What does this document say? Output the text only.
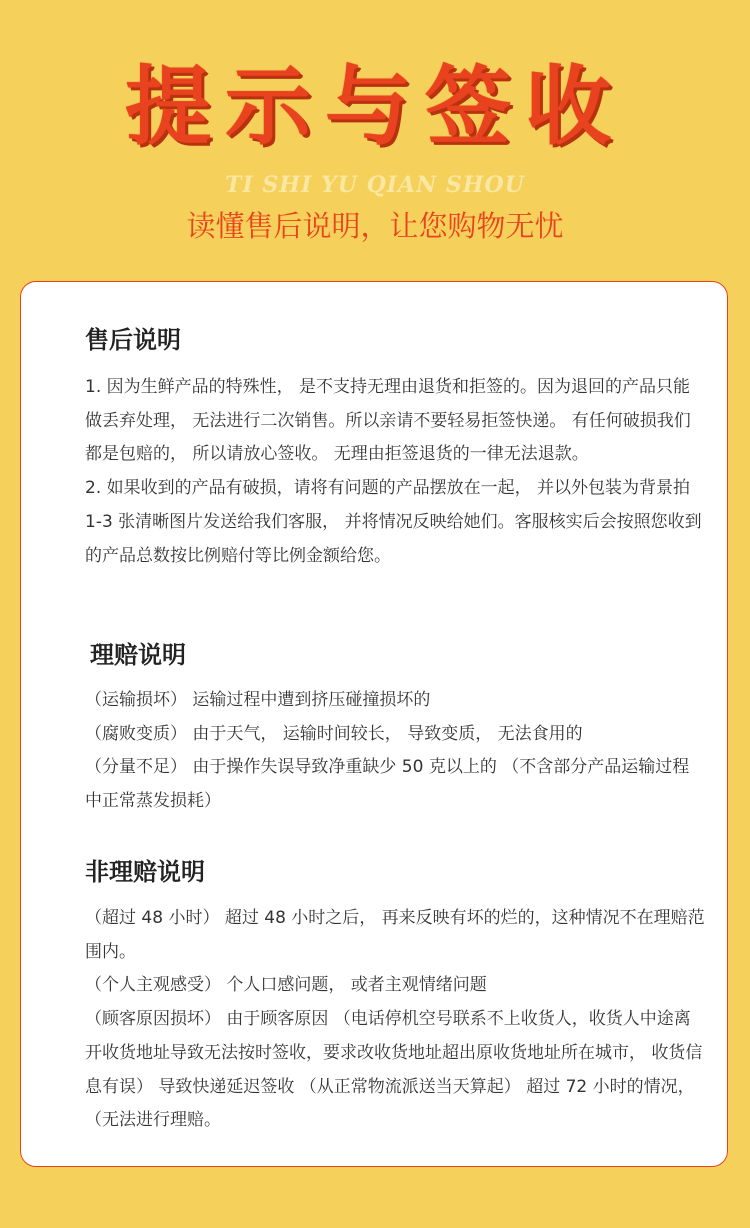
提示与签收
TI SHI YU QIAN SHOU
读懂售后说明，让您购物无忧
售后说明

1. 因为生鲜产品的特殊性， 是不支持无理由退货和拒签的。因为退回的产品只能做丢弃处理， 无法进行二次销售。所以亲请不要轻易拒签快递。 有任何破损我们都是包赔的， 所以请放心签收。 无理由拒签退货的一律无法退款。

2. 如果收到的产品有破损，请将有问题的产品摆放在一起， 并以外包装为背景拍 1-3 张清晰图片发送给我们客服， 并将情况反映给她们。客服核实后会按照您收到的产品总数按比例赔付等比例金额给您。

理赔说明

（运输损坏） 运输过程中遭到挤压碰撞损坏的

（腐败变质） 由于天气， 运输时间较长， 导致变质， 无法食用的

（分量不足） 由于操作失误导致净重缺少 50 克以上的 （不含部分产品运输过程中正常蒸发损耗）

非理赔说明

（超过 48 小时） 超过 48 小时之后， 再来反映有坏的烂的，这种情况不在理赔范围内。

（个人主观感受） 个人口感问题， 或者主观情绪问题

（顾客原因损坏） 由于顾客原因 （电话停机空号联系不上收货人，收货人中途离开收货地址导致无法按时签收，要求改收货地址超出原收货地址所在城市， 收货信息有误） 导致快递延迟签收 （从正常物流派送当天算起） 超过 72 小时的情况，（无法进行理赔。
